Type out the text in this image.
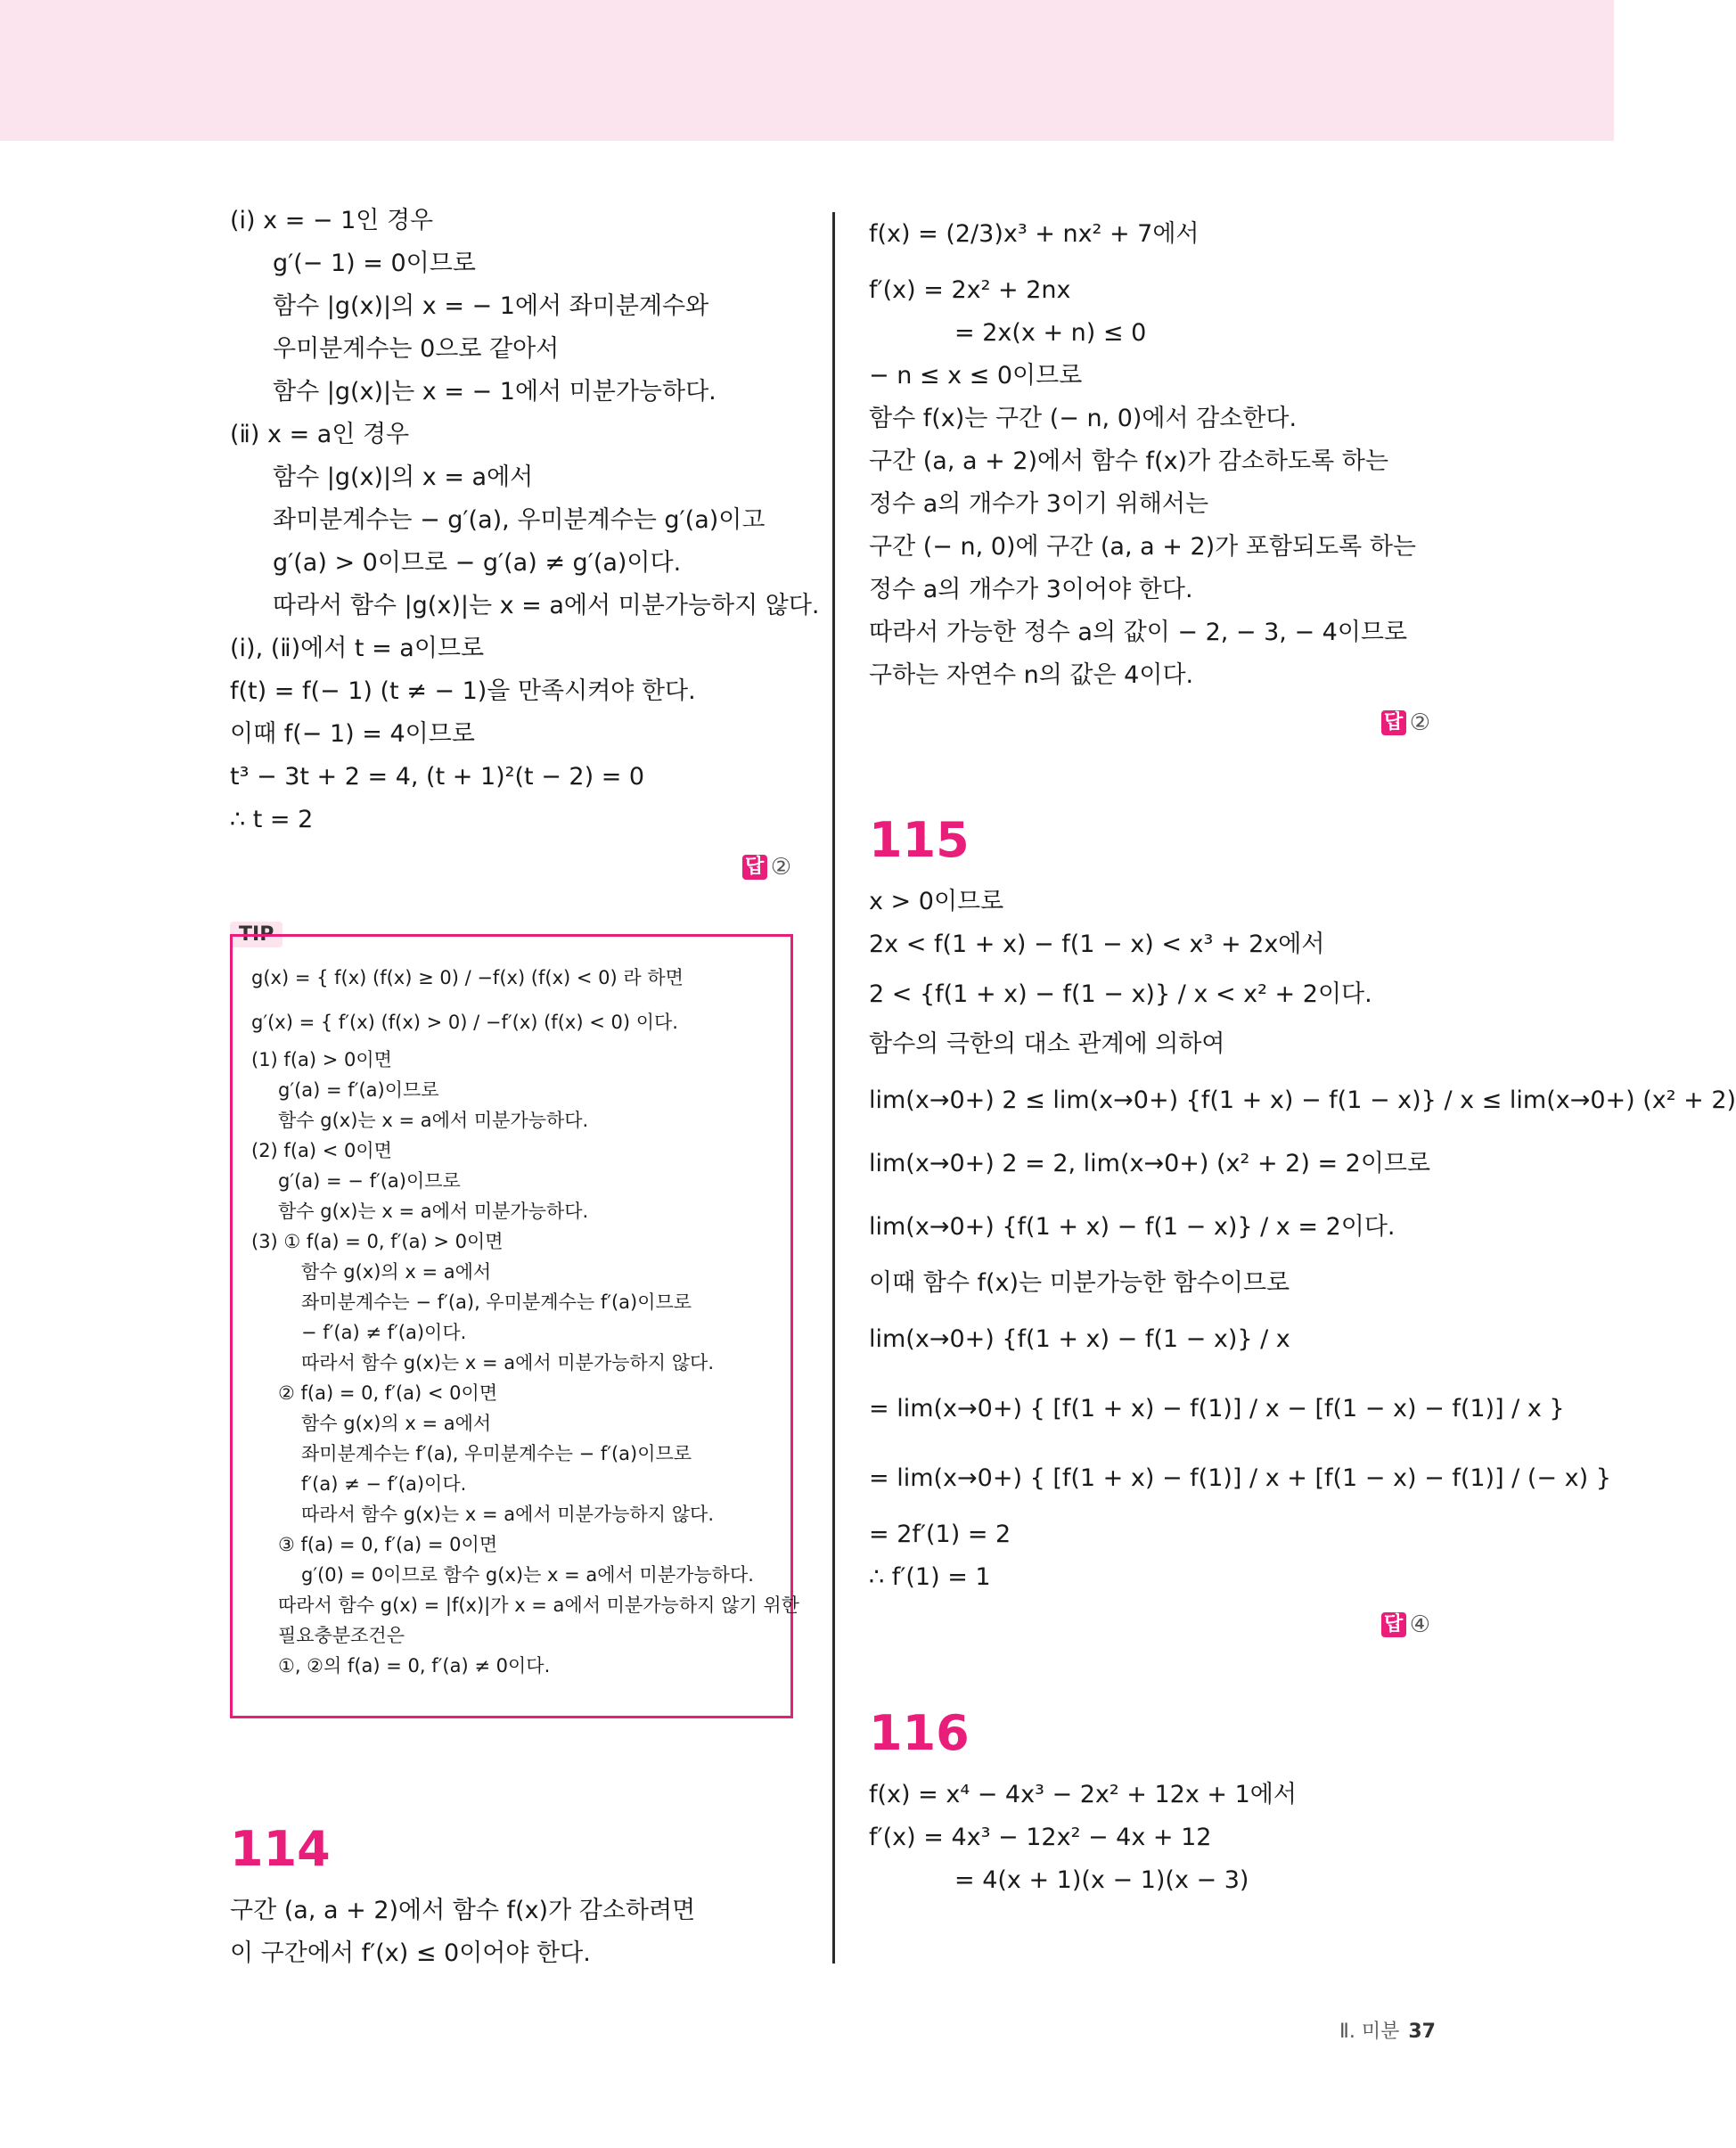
(ⅰ) x = − 1인 경우
g′(− 1) = 0이므로
함수 |g(x)|의 x = − 1에서 좌미분계수와
우미분계수는 0으로 같아서
함수 |g(x)|는 x = − 1에서 미분가능하다.
(ⅱ) x = a인 경우
함수 |g(x)|의 x = a에서
좌미분계수는 − g′(a), 우미분계수는 g′(a)이고
g′(a) > 0이므로 − g′(a) ≠ g′(a)이다.
따라서 함수 |g(x)|는 x = a에서 미분가능하지 않다.
(ⅰ), (ⅱ)에서 t = a이므로
f(t) = f(− 1) (t ≠ − 1)을 만족시켜야 한다.
이때 f(− 1) = 4이므로
t³ − 3t + 2 = 4, (t + 1)²(t − 2) = 0
∴ t = 2
답 ②
TIP
g(x) = { f(x) (f(x) ≥ 0) / −f(x) (f(x) < 0) 라 하면
g′(x) = { f′(x) (f(x) > 0) / −f′(x) (f(x) < 0) 이다.
(1) f(a) > 0이면
g′(a) = f′(a)이므로
함수 g(x)는 x = a에서 미분가능하다.
(2) f(a) < 0이면
g′(a) = − f′(a)이므로
함수 g(x)는 x = a에서 미분가능하다.
(3) ① f(a) = 0, f′(a) > 0이면
함수 g(x)의 x = a에서
좌미분계수는 − f′(a), 우미분계수는 f′(a)이므로
− f′(a) ≠ f′(a)이다.
따라서 함수 g(x)는 x = a에서 미분가능하지 않다.
② f(a) = 0, f′(a) < 0이면
함수 g(x)의 x = a에서
좌미분계수는 f′(a), 우미분계수는 − f′(a)이므로
f′(a) ≠ − f′(a)이다.
따라서 함수 g(x)는 x = a에서 미분가능하지 않다.
③ f(a) = 0, f′(a) = 0이면
g′(0) = 0이므로 함수 g(x)는 x = a에서 미분가능하다.
따라서 함수 g(x) = |f(x)|가 x = a에서 미분가능하지 않기 위한
필요충분조건은
①, ②의 f(a) = 0, f′(a) ≠ 0이다.
114
구간 (a, a + 2)에서 함수 f(x)가 감소하려면
이 구간에서 f′(x) ≤ 0이어야 한다.
f(x) = (2/3)x³ + nx² + 7에서
f′(x) = 2x² + 2nx
= 2x(x + n) ≤ 0
− n ≤ x ≤ 0이므로
함수 f(x)는 구간 (− n, 0)에서 감소한다.
구간 (a, a + 2)에서 함수 f(x)가 감소하도록 하는
정수 a의 개수가 3이기 위해서는
구간 (− n, 0)에 구간 (a, a + 2)가 포함되도록 하는
정수 a의 개수가 3이어야 한다.
따라서 가능한 정수 a의 값이 − 2, − 3, − 4이므로
구하는 자연수 n의 값은 4이다.
답 ②
115
x > 0이므로
2x < f(1 + x) − f(1 − x) < x³ + 2x에서
2 < {f(1 + x) − f(1 − x)} / x < x² + 2이다.
함수의 극한의 대소 관계에 의하여
lim(x→0+) 2 ≤ lim(x→0+) {f(1 + x) − f(1 − x)} / x ≤ lim(x→0+) (x² + 2)
lim(x→0+) 2 = 2, lim(x→0+) (x² + 2) = 2이므로
lim(x→0+) {f(1 + x) − f(1 − x)} / x = 2이다.
이때 함수 f(x)는 미분가능한 함수이므로
lim(x→0+) {f(1 + x) − f(1 − x)} / x
= lim(x→0+) { [f(1 + x) − f(1)] / x − [f(1 − x) − f(1)] / x }
= lim(x→0+) { [f(1 + x) − f(1)] / x + [f(1 − x) − f(1)] / (− x) }
= 2f′(1) = 2
∴ f′(1) = 1
답 ④
116
f(x) = x⁴ − 4x³ − 2x² + 12x + 1에서
f′(x) = 4x³ − 12x² − 4x + 12
= 4(x + 1)(x − 1)(x − 3)
Ⅱ. 미분 37
